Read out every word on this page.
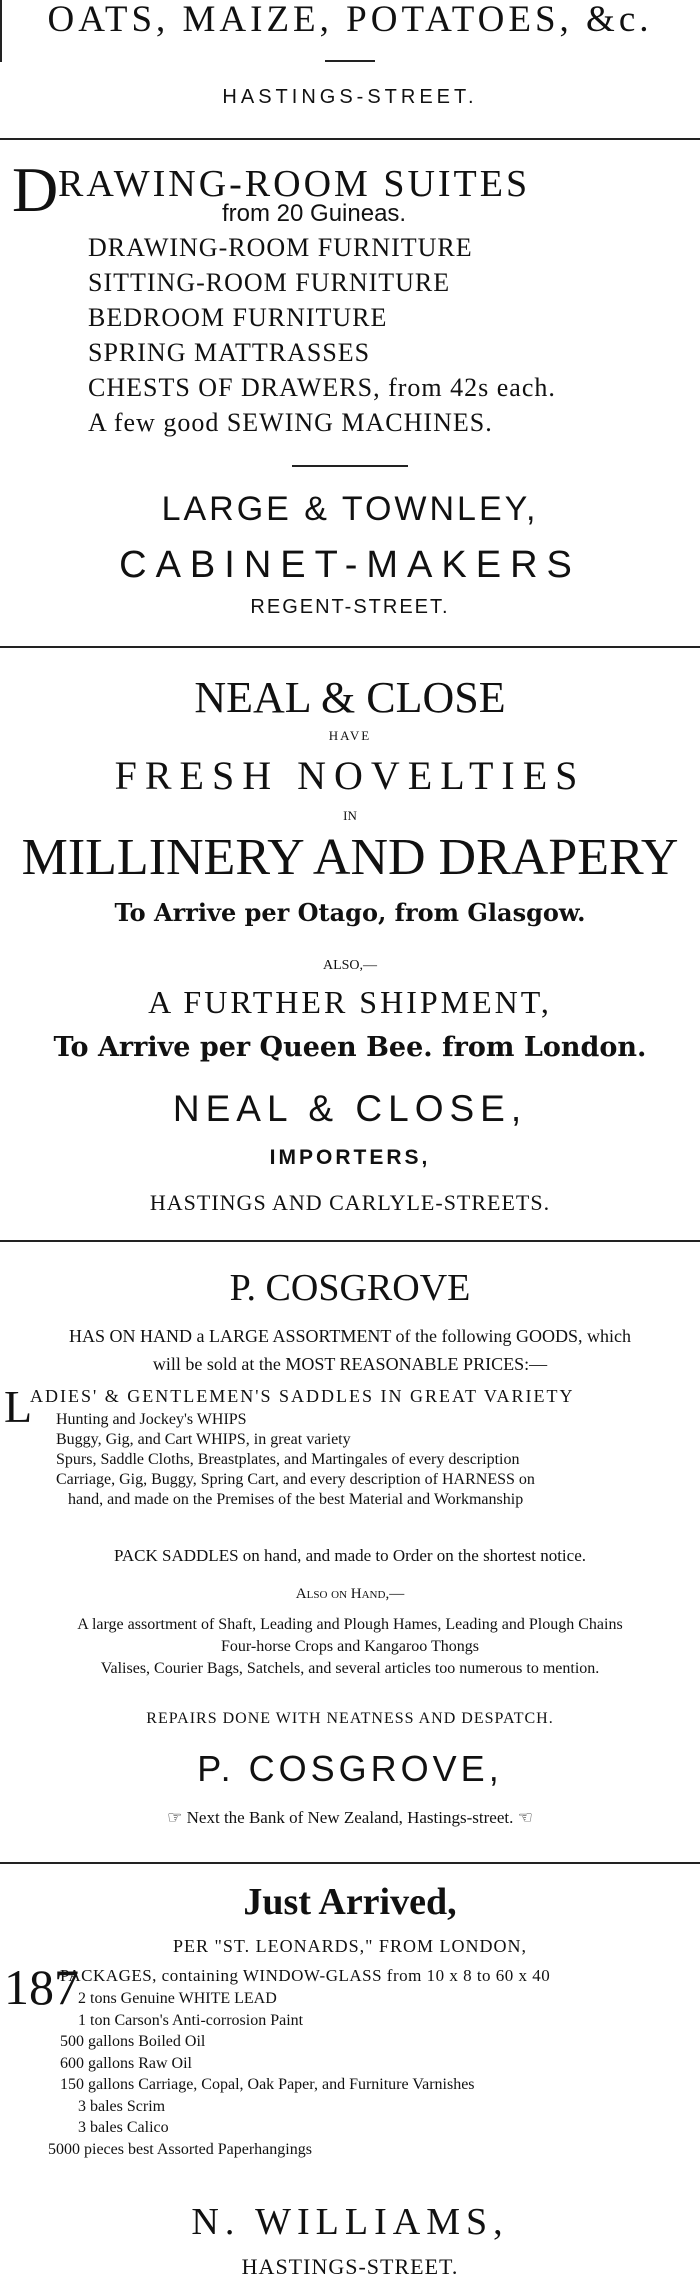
OATS, MAIZE, POTATOES, &c.
HASTINGS-STREET.
D RAWING-ROOM SUITES
from 20 Guineas.
DRAWING-ROOM FURNITURE
SITTING-ROOM FURNITURE
BEDROOM FURNITURE
SPRING MATTRASSES
CHESTS OF DRAWERS, from 42s each.
A few good SEWING MACHINES.
LARGE & TOWNLEY,
CABINET-MAKERS
REGENT-STREET.
NEAL & CLOSE
HAVE
FRESH NOVELTIES
IN
MILLINERY AND DRAPERY
To Arrive per Otago, from Glasgow.
ALSO,—
A FURTHER SHIPMENT,
To Arrive per Queen Bee. from London.
NEAL & CLOSE,
IMPORTERS,
HASTINGS AND CARLYLE-STREETS.
P. COSGROVE
HAS ON HAND a LARGE ASSORTMENT of the following GOODS, which
will be sold at the MOST REASONABLE PRICES:—
L
ADIES' & GENTLEMEN'S SADDLES IN GREAT VARIETY
Hunting and Jockey's WHIPS
Buggy, Gig, and Cart WHIPS, in great variety
Spurs, Saddle Cloths, Breastplates, and Martingales of every description
Carriage, Gig, Buggy, Spring Cart, and every description of HARNESS on
hand, and made on the Premises of the best Material and Workmanship
PACK SADDLES on hand, and made to Order on the shortest notice.
Also on Hand,—
A large assortment of Shaft, Leading and Plough Hames, Leading and Plough Chains
Four-horse Crops and Kangaroo Thongs
Valises, Courier Bags, Satchels, and several articles too numerous to mention.
REPAIRS DONE WITH NEATNESS AND DESPATCH.
P. COSGROVE,
☞ Next the Bank of New Zealand, Hastings-street. ☜
Just Arrived,
PER "ST. LEONARDS," FROM LONDON,
187
PACKAGES, containing WINDOW-GLASS from 10 x 8 to 60 x 40
2 tons Genuine WHITE LEAD
1 ton Carson's Anti-corrosion Paint
500 gallons Boiled Oil
600 gallons Raw Oil
150 gallons Carriage, Copal, Oak Paper, and Furniture Varnishes
3 bales Scrim
3 bales Calico
5000 pieces best Assorted Paperhangings
N. WILLIAMS,
HASTINGS-STREET.
